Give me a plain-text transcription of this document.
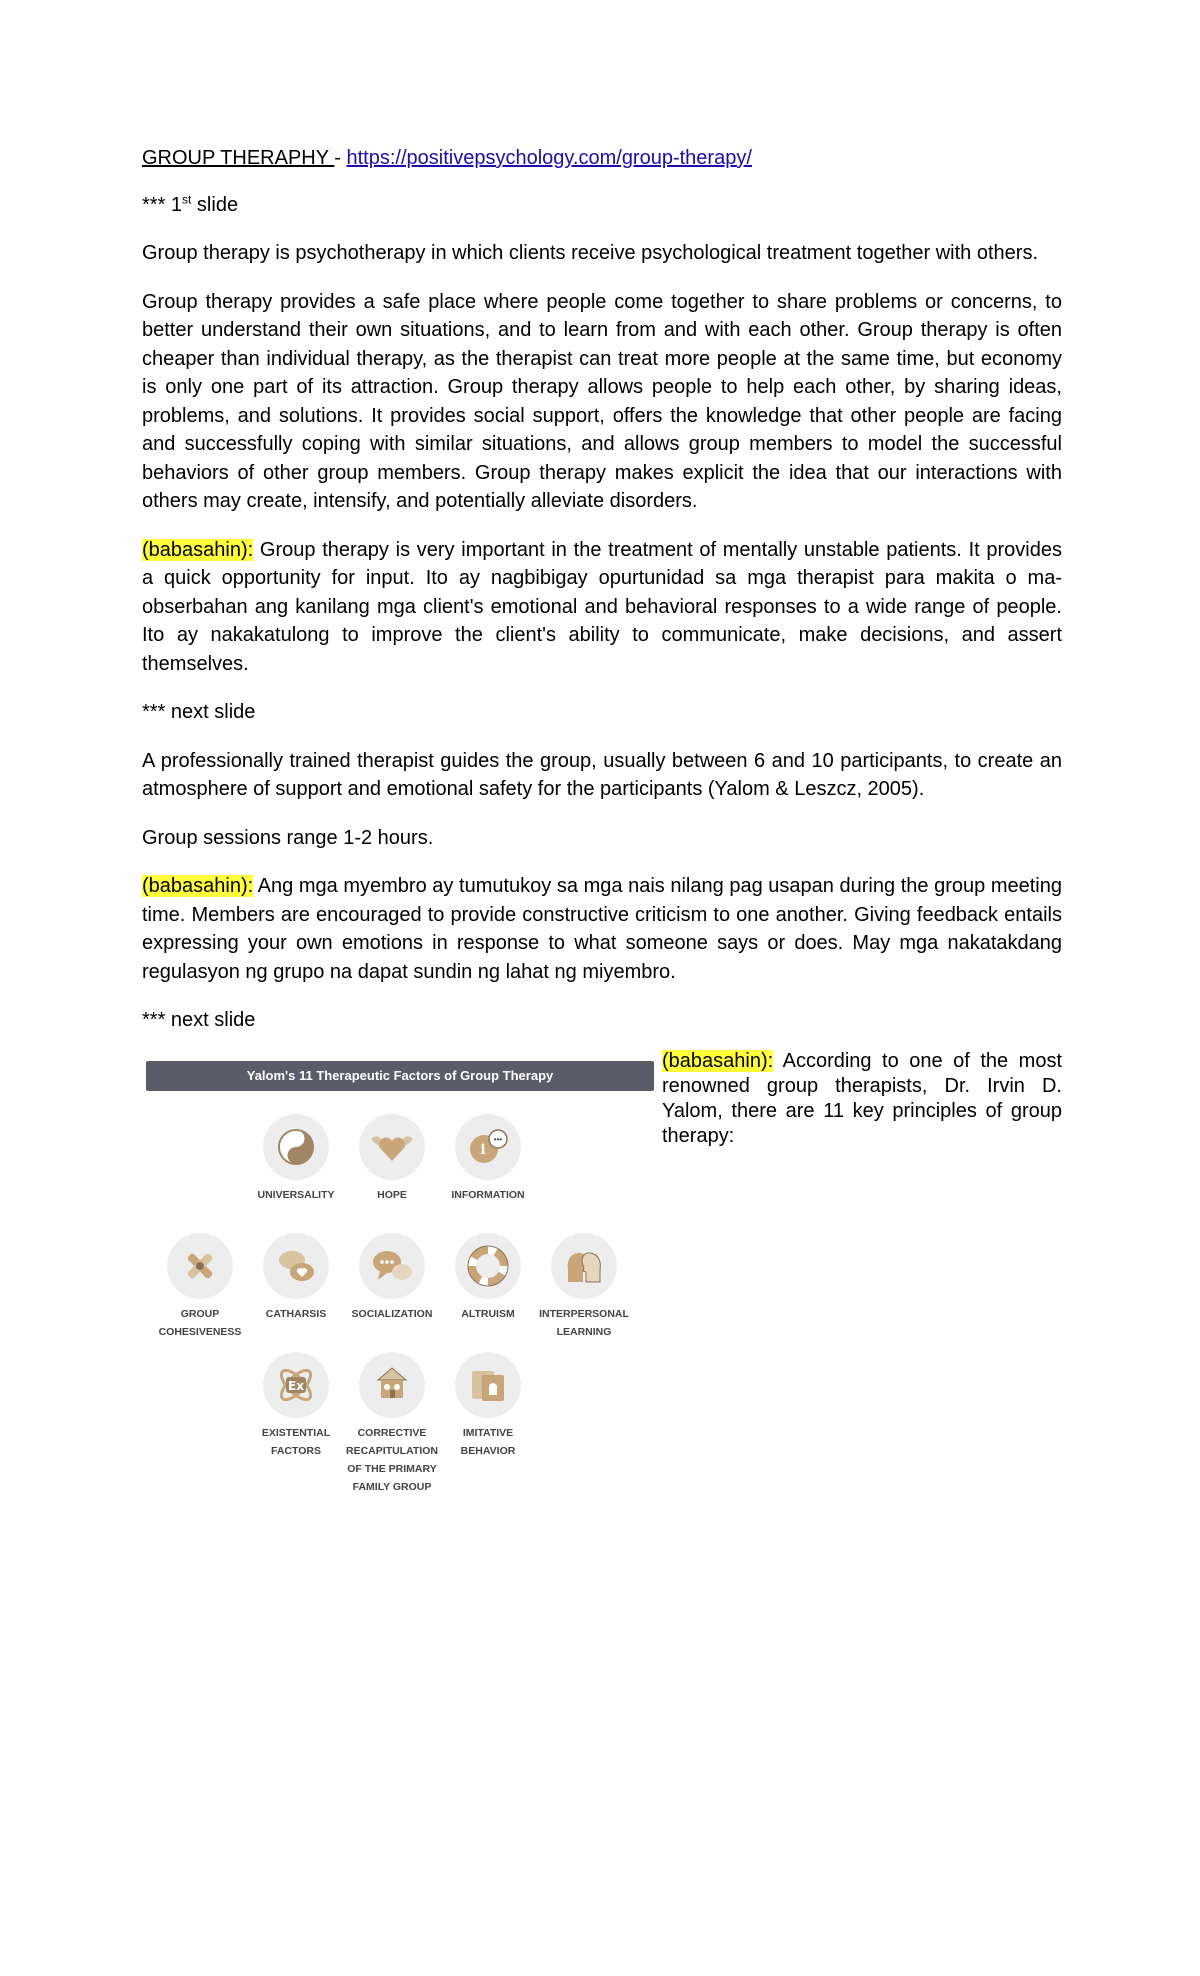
GROUP THERAPHY - https://positivepsychology.com/group-therapy/

*** 1st slide

Group therapy is psychotherapy in which clients receive psychological treatment together with others.

Group therapy provides a safe place where people come together to share problems or concerns, to better understand their own situations, and to learn from and with each other. Group therapy is often cheaper than individual therapy, as the therapist can treat more people at the same time, but economy is only one part of its attraction. Group therapy allows people to help each other, by sharing ideas, problems, and solutions. It provides social support, offers the knowledge that other people are facing and successfully coping with similar situations, and allows group members to model the successful behaviors of other group members. Group therapy makes explicit the idea that our interactions with others may create, intensify, and potentially alleviate disorders.

(babasahin): Group therapy is very important in the treatment of mentally unstable patients. It provides a quick opportunity for input. Ito ay nagbibigay opurtunidad sa mga therapist para makita o ma-obserbahan ang kanilang mga client's emotional and behavioral responses to a wide range of people. Ito ay nakakatulong to improve the client's ability to communicate, make decisions, and assert themselves.

*** next slide

A professionally trained therapist guides the group, usually between 6 and 10 participants, to create an atmosphere of support and emotional safety for the participants (Yalom & Leszcz, 2005).

Group sessions range 1-2 hours.

(babasahin): Ang mga myembro ay tumutukoy sa mga nais nilang pag usapan during the group meeting time. Members are encouraged to provide constructive criticism to one another. Giving feedback entails expressing your own emotions in response to what someone says or does. May mga nakatakdang regulasyon ng grupo na dapat sundin ng lahat ng miyembro.

*** next slide

Yalom's 11 Therapeutic Factors of Group Therapy
UNIVERSALITY	HOPE
i
•••
INFORMATION
GROUP COHESIVENESS
CATHARSIS	SOCIALIZATION	ALTRUISM	INTERPERSONAL LEARNING
Ex
EXISTENTIAL FACTORS
CORRECTIVE RECAPITULATION OF THE PRIMARY FAMILY GROUP
IMITATIVE BEHAVIOR
(babasahin): According to one of the most renowned group therapists, Dr. Irvin D. Yalom, there are 11 key principles of group therapy:
